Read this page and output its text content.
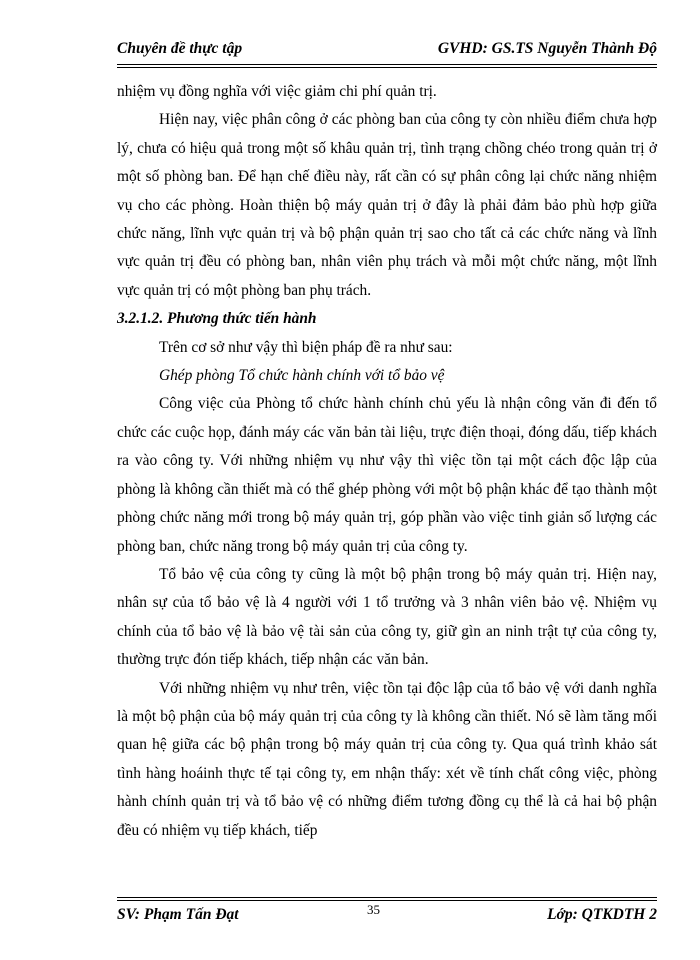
Chuyên đề thực tập	GVHD: GS.TS Nguyễn Thành Độ

nhiệm vụ đồng nghĩa với việc giảm chi phí quản trị.

Hiện nay, việc phân công ở các phòng ban của công ty còn nhiều điểm chưa hợp lý, chưa có hiệu quả trong một số khâu quản trị, tình trạng chồng chéo trong quản trị ở một số phòng ban. Để hạn chế điều này, rất cần có sự phân công lại chức năng nhiệm vụ cho các phòng. Hoàn thiện bộ máy quản trị ở đây là phải đảm bảo phù hợp giữa chức năng, lĩnh vực quản trị và bộ phận quản trị sao cho tất cả các chức năng và lĩnh vực quản trị đều có phòng ban, nhân viên phụ trách và mỗi một chức năng, một lĩnh vực quản trị có một phòng ban phụ trách.

3.2.1.2. Phương thức tiến hành

Trên cơ sở như vậy thì biện pháp đề ra như sau:

Ghép phòng Tổ chức hành chính với tổ bảo vệ

Công việc của Phòng tổ chức hành chính chủ yếu là nhận công văn đi đến tổ chức các cuộc họp, đánh máy các văn bản tài liệu, trực điện thoại, đóng dấu, tiếp khách ra vào công ty. Với những nhiệm vụ như vậy thì việc tồn tại một cách độc lập của phòng là không cần thiết mà có thể ghép phòng với một bộ phận khác để tạo thành một phòng chức năng mới trong bộ máy quản trị, góp phần vào việc tinh giản số lượng các phòng ban, chức năng trong bộ máy quản trị của công ty.

Tổ bảo vệ của công ty cũng là một bộ phận trong bộ máy quản trị. Hiện nay, nhân sự của tổ bảo vệ là 4 người với 1 tổ trưởng và 3 nhân viên bảo vệ. Nhiệm vụ chính của tổ bảo vệ là bảo vệ tài sản của công ty, giữ gìn an ninh trật tự của công ty, thường trực đón tiếp khách, tiếp nhận các văn bản.

Với những nhiệm vụ như trên, việc tồn tại độc lập của tổ bảo vệ với danh nghĩa là một bộ phận của bộ máy quản trị của công ty là không cần thiết. Nó sẽ làm tăng mối quan hệ giữa các bộ phận trong bộ máy quản trị của công ty. Qua quá trình khảo sát tình hàng hoáinh thực tế tại công ty, em nhận thấy: xét về tính chất công việc, phòng hành chính quản trị và tổ bảo vệ có những điểm tương đồng cụ thể là cả hai bộ phận đều có nhiệm vụ tiếp khách, tiếp

SV: Phạm Tấn Đạt	35	Lớp: QTKDTH 2
